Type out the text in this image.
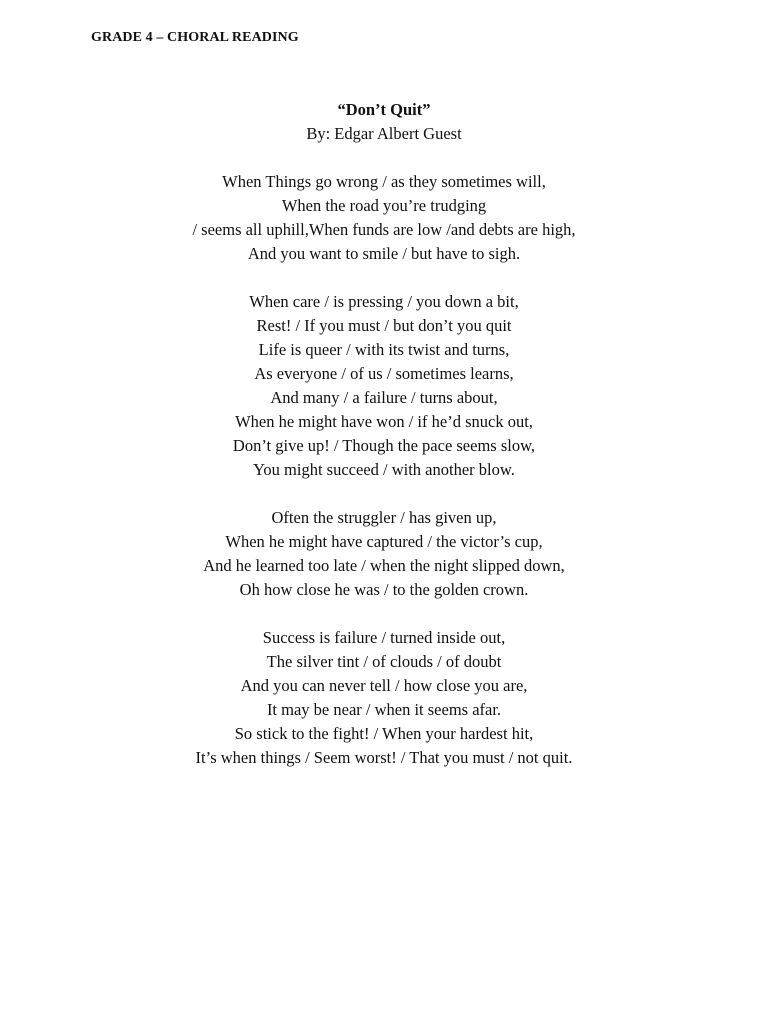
GRADE 4 – CHORAL READING
“Don’t Quit”
By: Edgar Albert Guest
When Things go wrong / as they sometimes will,
When the road you’re trudging
/ seems all uphill,When funds are low /and debts are high,
And you want to smile / but have to sigh.
When care / is pressing / you down a bit,
Rest! / If you must / but don’t you quit
Life is queer / with its twist and turns,
As everyone / of us / sometimes learns,
And many / a failure / turns about,
When he might have won / if he’d snuck out,
Don’t give up! / Though the pace seems slow,
You might succeed / with another blow.
Often the struggler / has given up,
When he might have captured / the victor’s cup,
And he learned too late / when the night slipped down,
Oh how close he was / to the golden crown.
Success is failure / turned inside out,
The silver tint / of clouds / of doubt
And you can never tell / how close you are,
It may be near / when it seems afar.
So stick to the fight! / When your hardest hit,
It’s when things / Seem worst! / That you must / not quit.
